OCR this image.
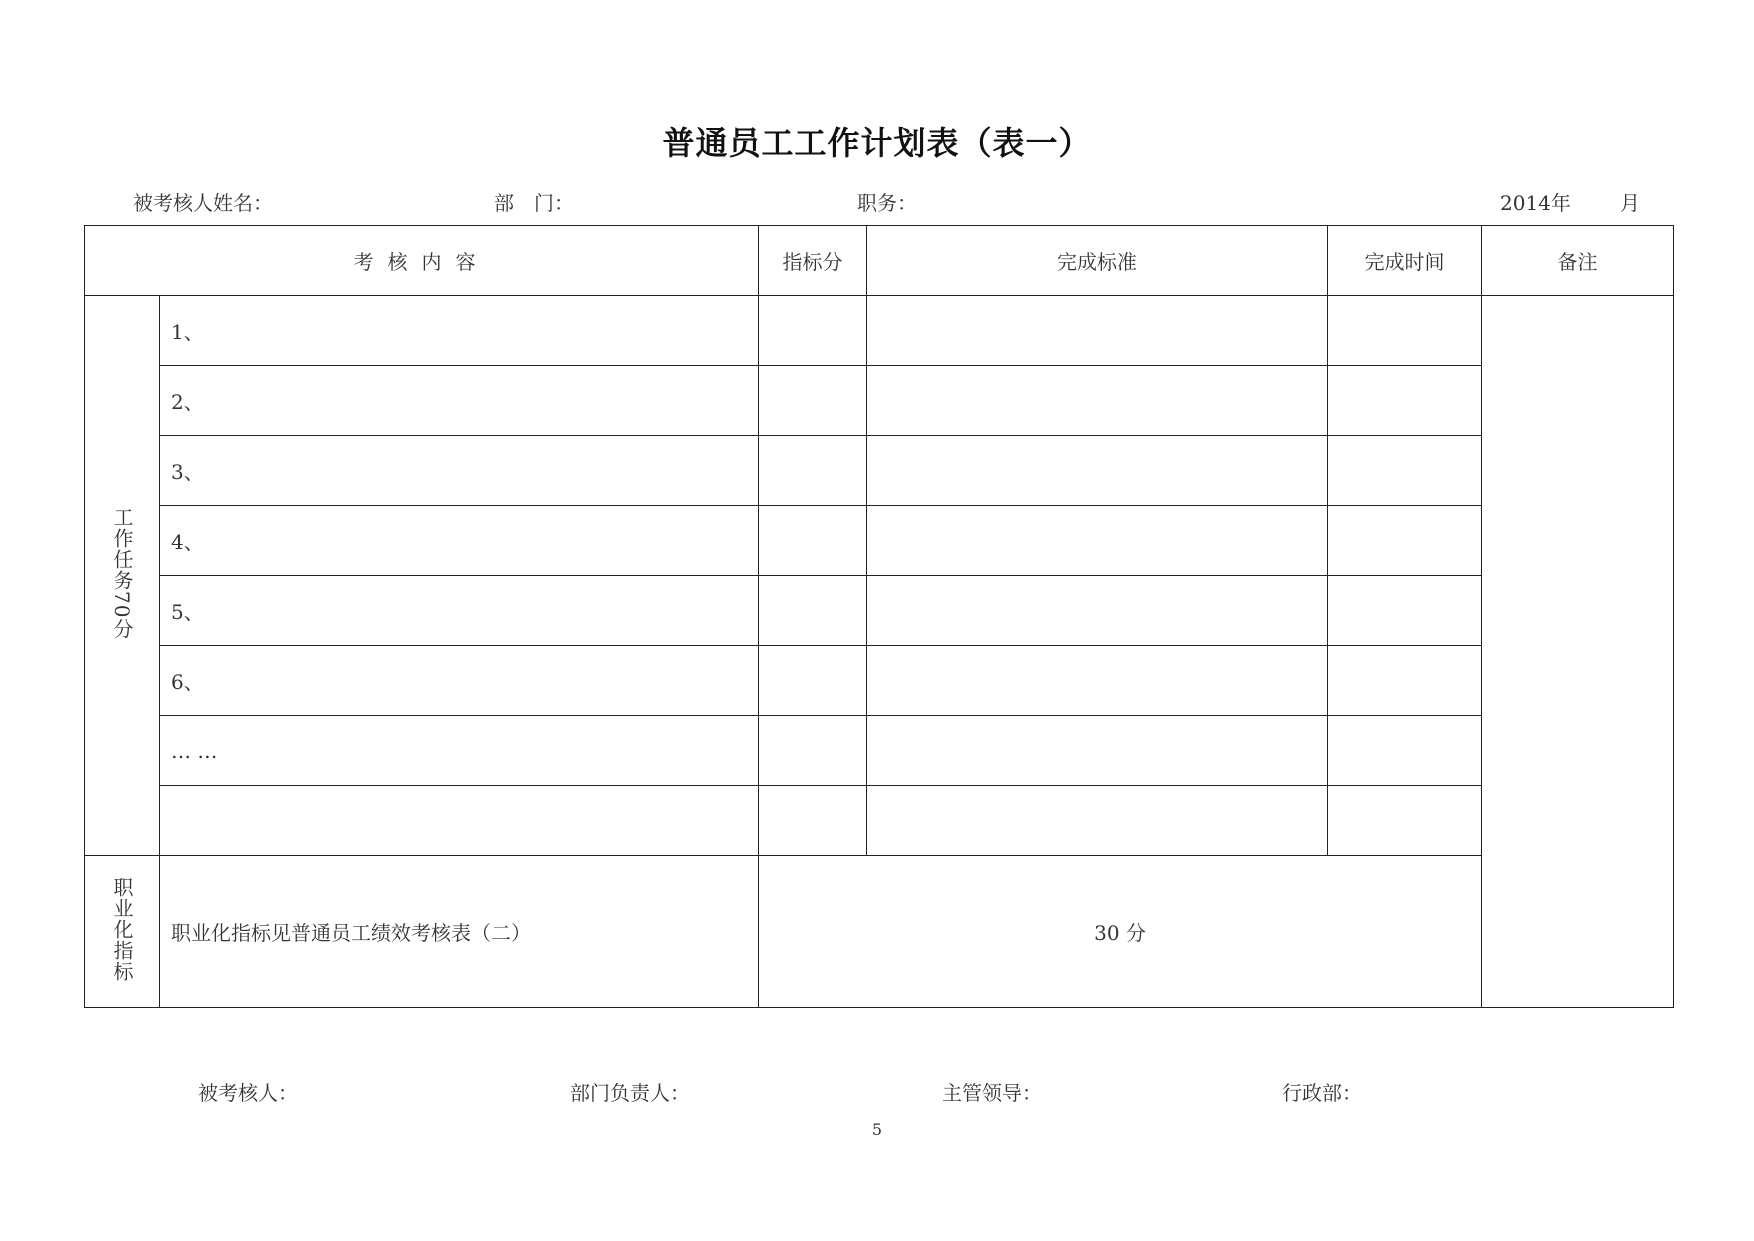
普通员工工作计划表（表一）
被考核人姓名：	部　门：	职务：	2014年 月
考核内容		指标分	完成标准	完成时间	备注
工作任务70分	1、				
	2、				
	3、				
	4、				
	5、				
	6、				
	… …				

职业化指标	职业化指标见普通员工绩效考核表（二）	30 分			
被考核人：	部门负责人：	主管领导：	行政部：
5
